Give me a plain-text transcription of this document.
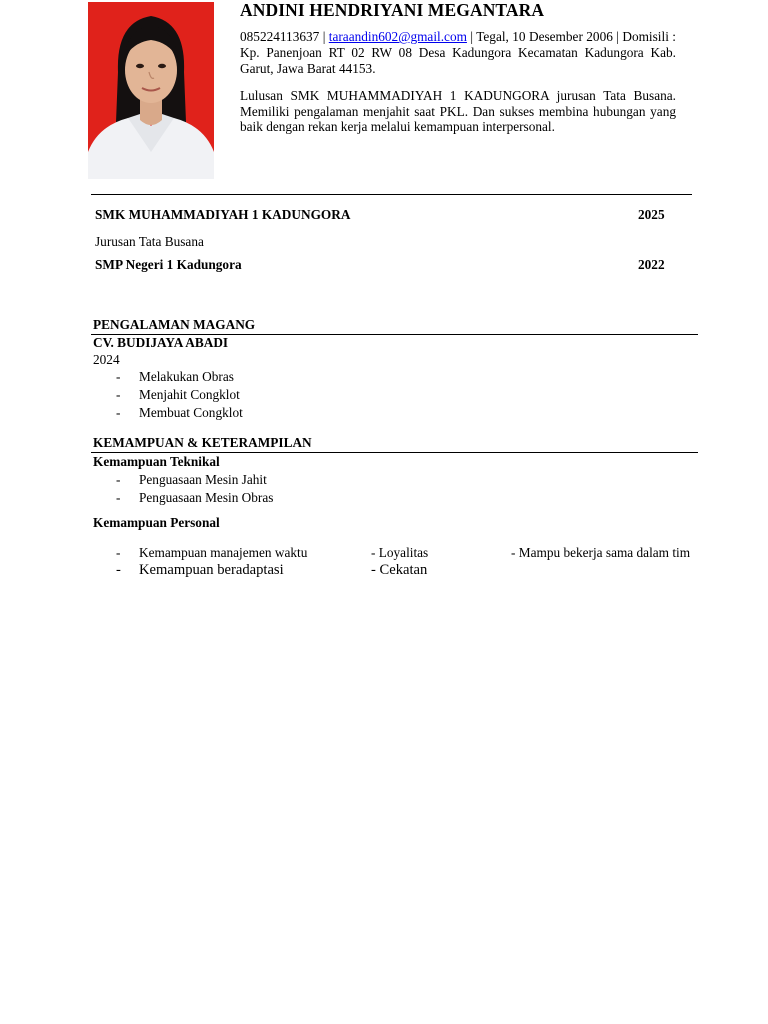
ANDINI HENDRIYANI MEGANTARA

085224113637 | taraandin602@gmail.com | Tegal, 10 Desember 2006 | Domisili : Kp. Panenjoan RT 02 RW 08 Desa Kadungora Kecamatan Kadungora Kab. Garut, Jawa Barat 44153.

Lulusan SMK MUHAMMADIYAH 1 KADUNGORA jurusan Tata Busana. Memiliki pengalaman menjahit saat PKL. Dan sukses membina hubungan yang baik dengan rekan kerja melalui kemampuan interpersonal.

SMK MUHAMMADIYAH 1 KADUNGORA	2025
Jurusan Tata Busana
SMP Negeri 1 Kadungora	2022
PENGALAMAN MAGANG
CV. BUDIJAYA ABADI
2024
- Melakukan Obras
- Menjahit Congklot
- Membuat Congklot
KEMAMPUAN & KETERAMPILAN
Kemampuan Teknikal
- Penguasaan Mesin Jahit
- Penguasaan Mesin Obras
Kemampuan Personal
- Kemampuan manajemen waktu
- Kemampuan beradaptasi
- Loyalitas
- Cekatan
- Mampu bekerja sama dalam tim
